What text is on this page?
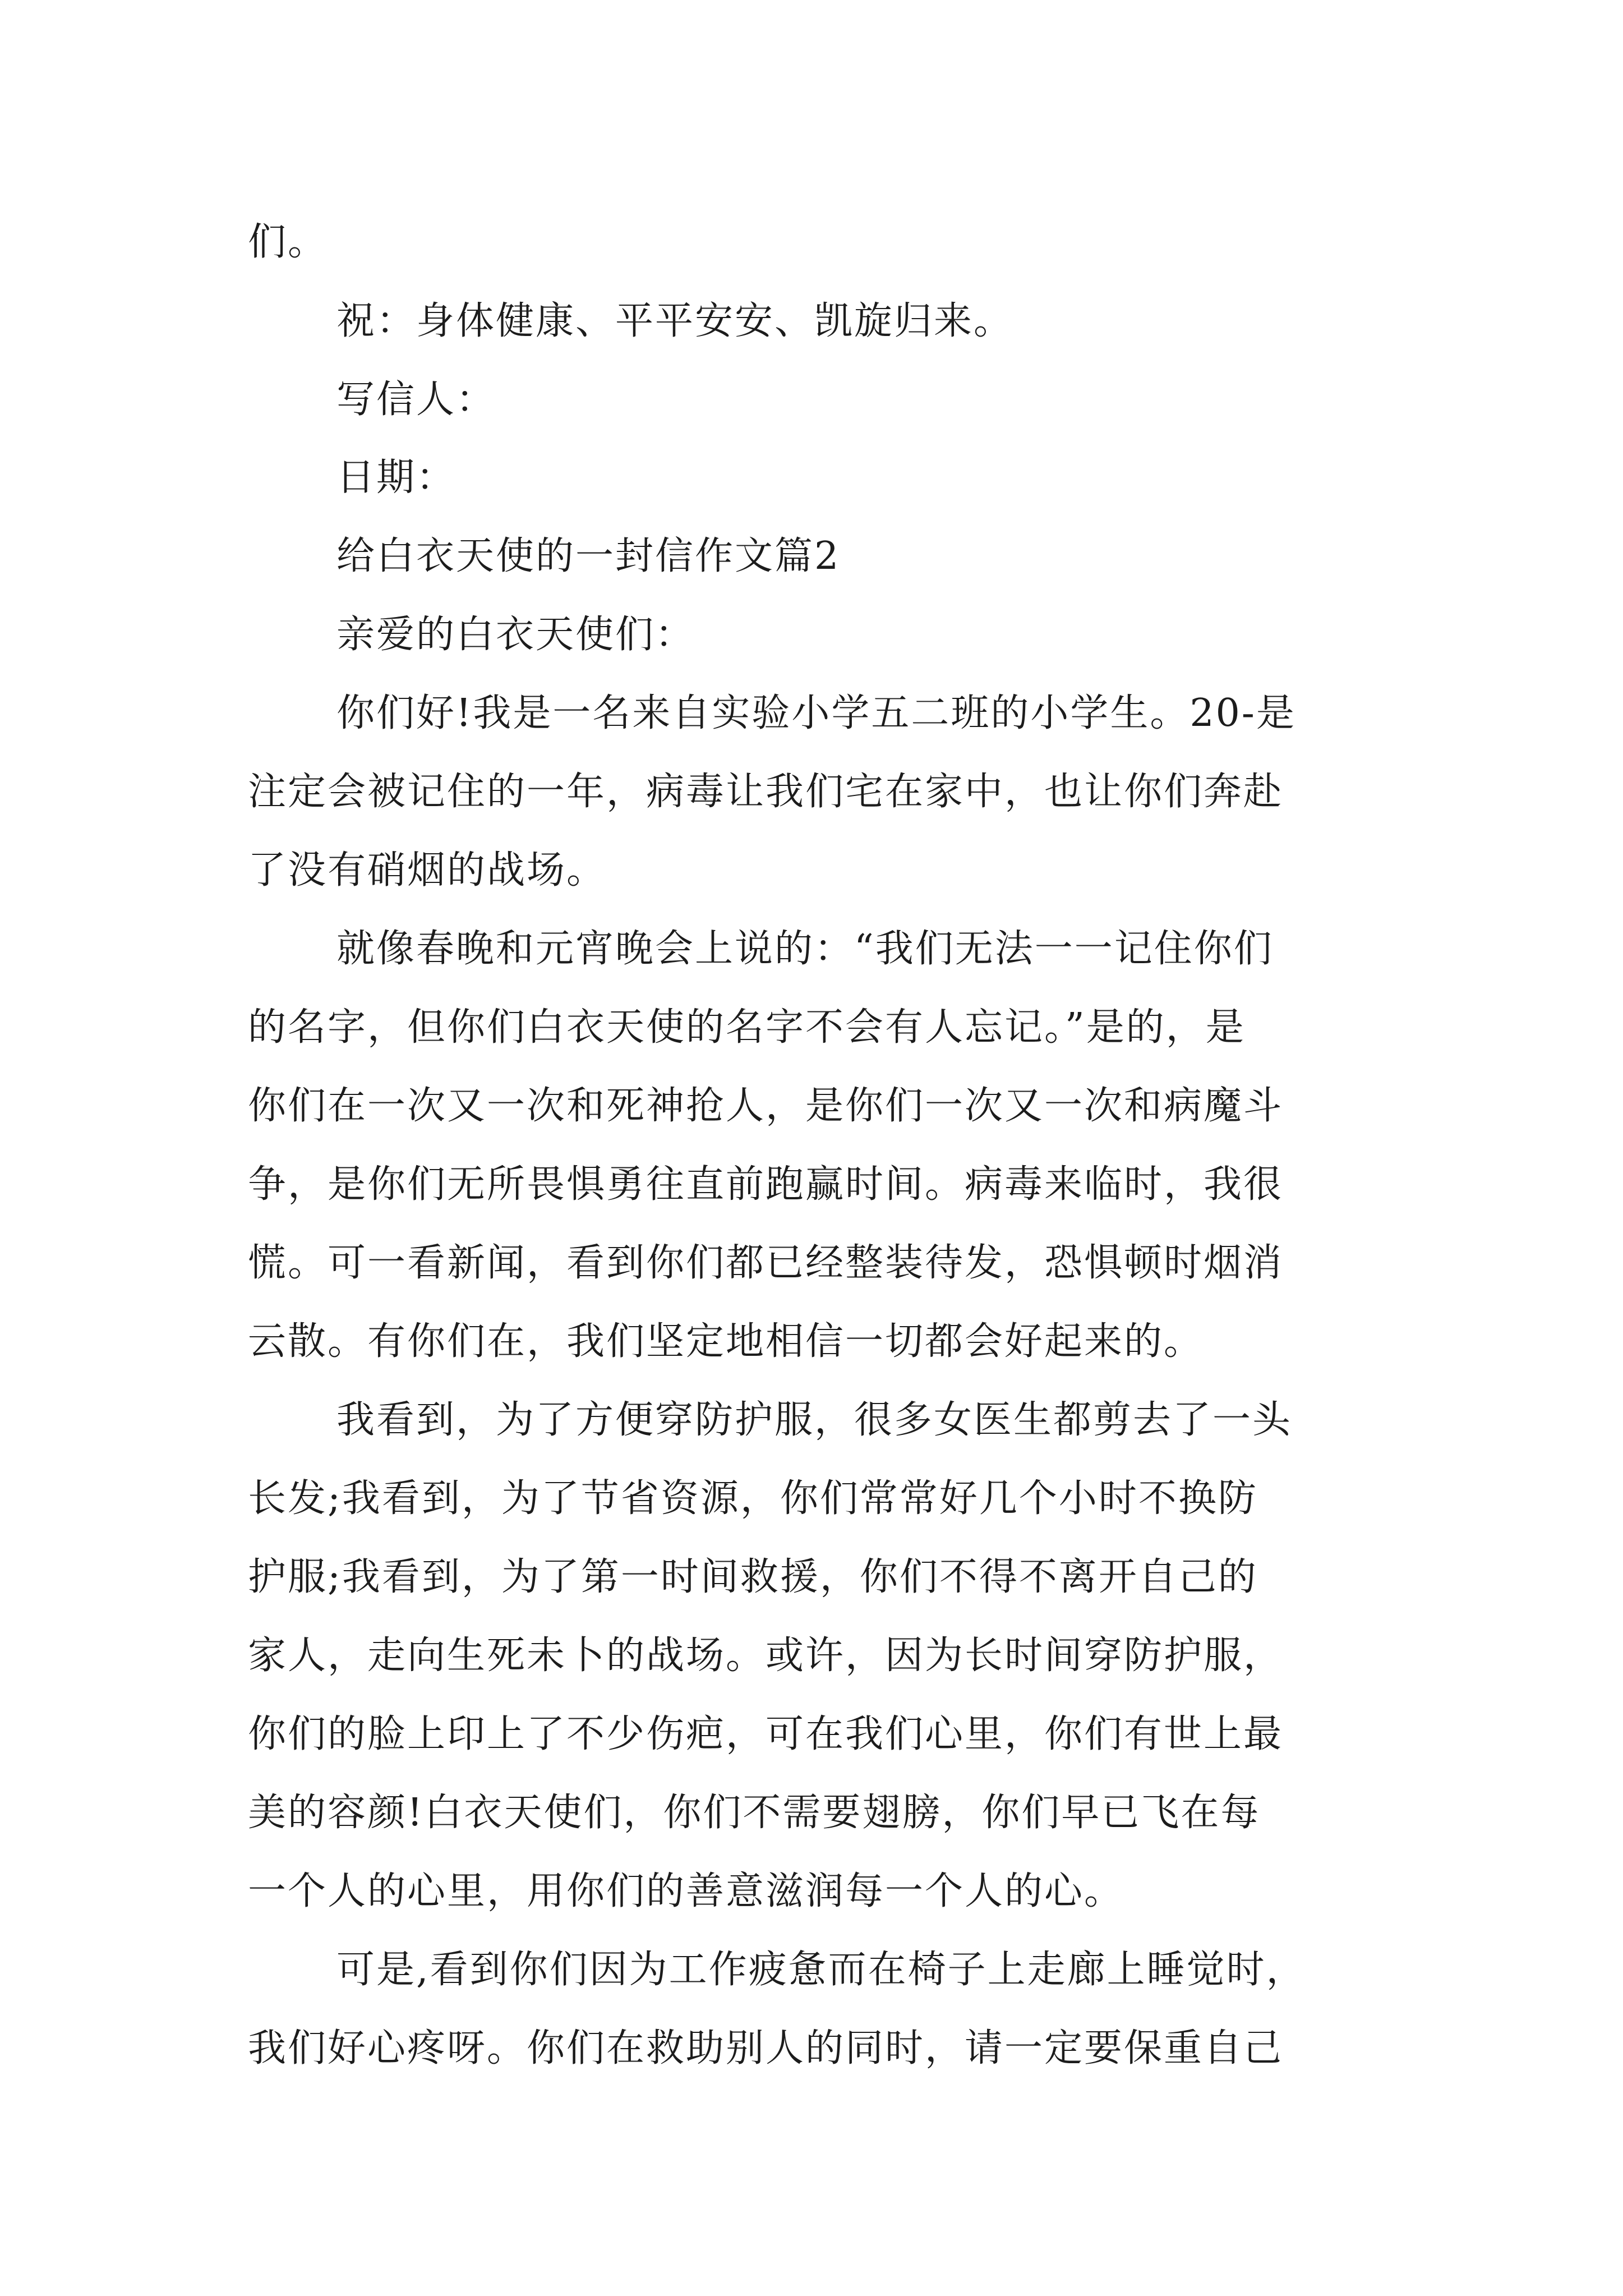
们。

祝：身体健康、平平安安、凯旋归来。

写信人：

日期：

给白衣天使的一封信作文篇2

亲爱的白衣天使们：

你们好!我是一名来自实验小学五二班的小学生。20-是

注定会被记住的一年，病毒让我们宅在家中，也让你们奔赴

了没有硝烟的战场。

就像春晚和元宵晚会上说的：“我们无法一一记住你们

的名字，但你们白衣天使的名字不会有人忘记。”是的，是

你们在一次又一次和死神抢人，是你们一次又一次和病魔斗

争，是你们无所畏惧勇往直前跑赢时间。病毒来临时，我很

慌。可一看新闻，看到你们都已经整装待发，恐惧顿时烟消

云散。有你们在，我们坚定地相信一切都会好起来的。

我看到，为了方便穿防护服，很多女医生都剪去了一头

长发;我看到，为了节省资源，你们常常好几个小时不换防

护服;我看到，为了第一时间救援，你们不得不离开自己的

家人，走向生死未卜的战场。或许，因为长时间穿防护服，

你们的脸上印上了不少伤疤，可在我们心里，你们有世上最

美的容颜!白衣天使们，你们不需要翅膀，你们早已飞在每

一个人的心里，用你们的善意滋润每一个人的心。

可是,看到你们因为工作疲惫而在椅子上走廊上睡觉时，

我们好心疼呀。你们在救助别人的同时，请一定要保重自己
